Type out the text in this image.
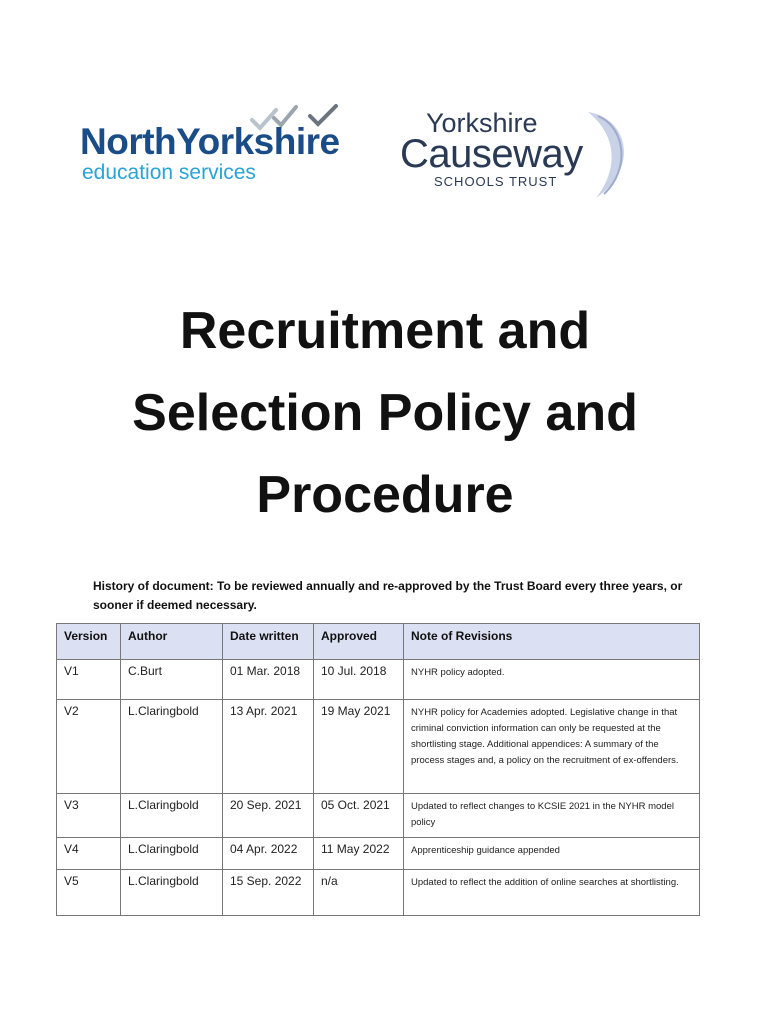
NorthYorkshire
education services
Yorkshire
Causeway
SCHOOLS TRUST
Recruitment and
Selection Policy and
Procedure
History of document: To be reviewed annually and re-approved by the Trust Board every three years, or sooner if deemed necessary.
Version	Author	Date written	Approved	Note of Revisions
V1	C.Burt	01 Mar. 2018	10 Jul. 2018	NYHR policy adopted.
V2	L.Claringbold	13 Apr. 2021	19 May 2021	NYHR policy for Academies adopted. Legislative change in that criminal conviction information can only be requested at the shortlisting stage. Additional appendices: A summary of the process stages and, a policy on the recruitment of ex-offenders.
V3	L.Claringbold	20 Sep. 2021	05 Oct. 2021	Updated to reflect changes to KCSIE 2021 in the NYHR model policy
V4	L.Claringbold	04 Apr. 2022	11 May 2022	Apprenticeship guidance appended
V5	L.Claringbold	15 Sep. 2022	n/a	Updated to reflect the addition of online searches at shortlisting.
